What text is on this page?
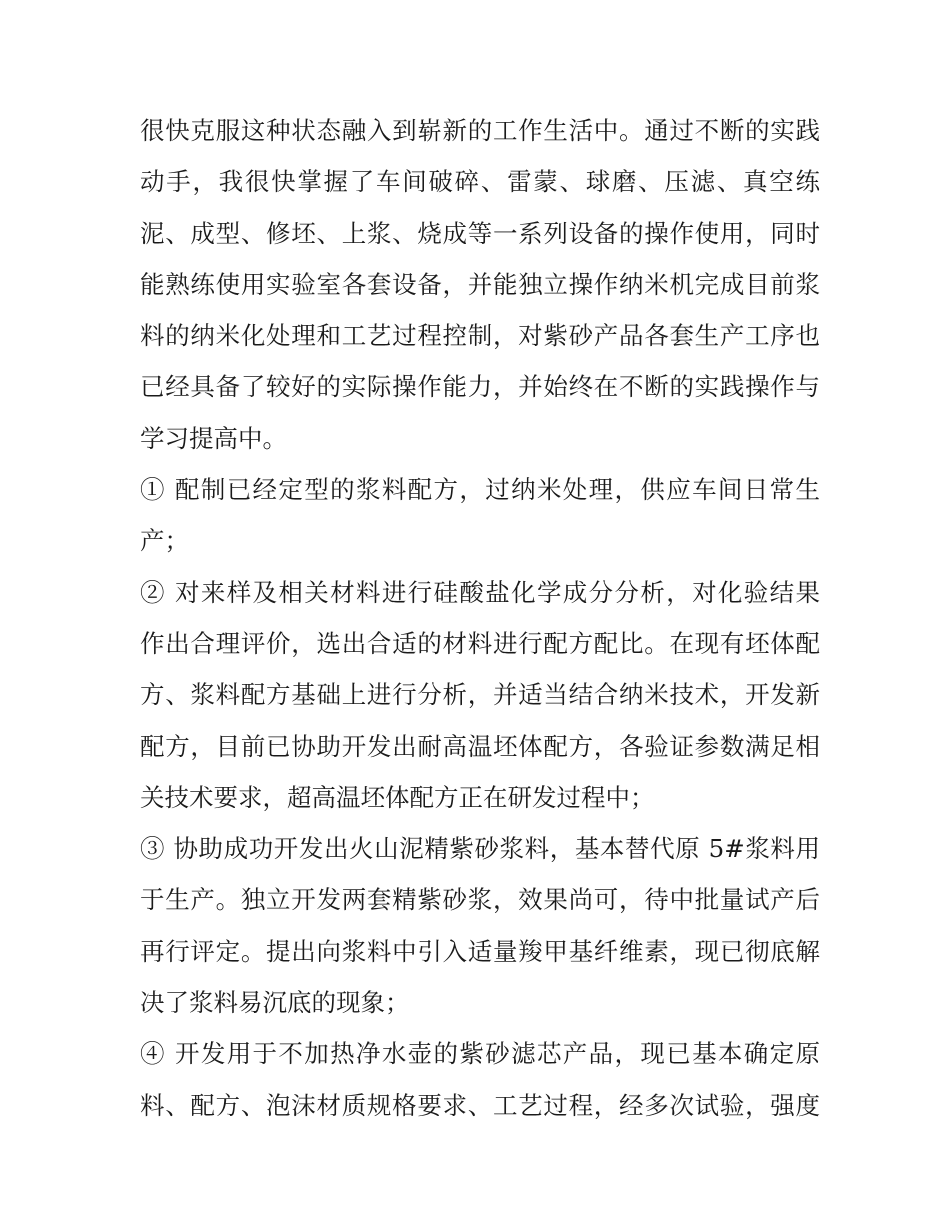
很快克服这种状态融入到崭新的工作生活中。通过不断的实践
动手，我很快掌握了车间破碎、雷蒙、球磨、压滤、真空练
泥、成型、修坯、上浆、烧成等一系列设备的操作使用，同时
能熟练使用实验室各套设备，并能独立操作纳米机完成目前浆
料的纳米化处理和工艺过程控制，对紫砂产品各套生产工序也
已经具备了较好的实际操作能力，并始终在不断的实践操作与
学习提高中。
① 配制已经定型的浆料配方，过纳米处理，供应车间日常生
产；
② 对来样及相关材料进行硅酸盐化学成分分析，对化验结果
作出合理评价，选出合适的材料进行配方配比。在现有坯体配
方、浆料配方基础上进行分析，并适当结合纳米技术，开发新
配方，目前已协助开发出耐高温坯体配方，各验证参数满足相
关技术要求，超高温坯体配方正在研发过程中；
③ 协助成功开发出火山泥精紫砂浆料，基本替代原 5#浆料用
于生产。独立开发两套精紫砂浆，效果尚可，待中批量试产后
再行评定。提出向浆料中引入适量羧甲基纤维素，现已彻底解
决了浆料易沉底的现象；
④ 开发用于不加热净水壶的紫砂滤芯产品，现已基本确定原
料、配方、泡沫材质规格要求、工艺过程，经多次试验，强度
